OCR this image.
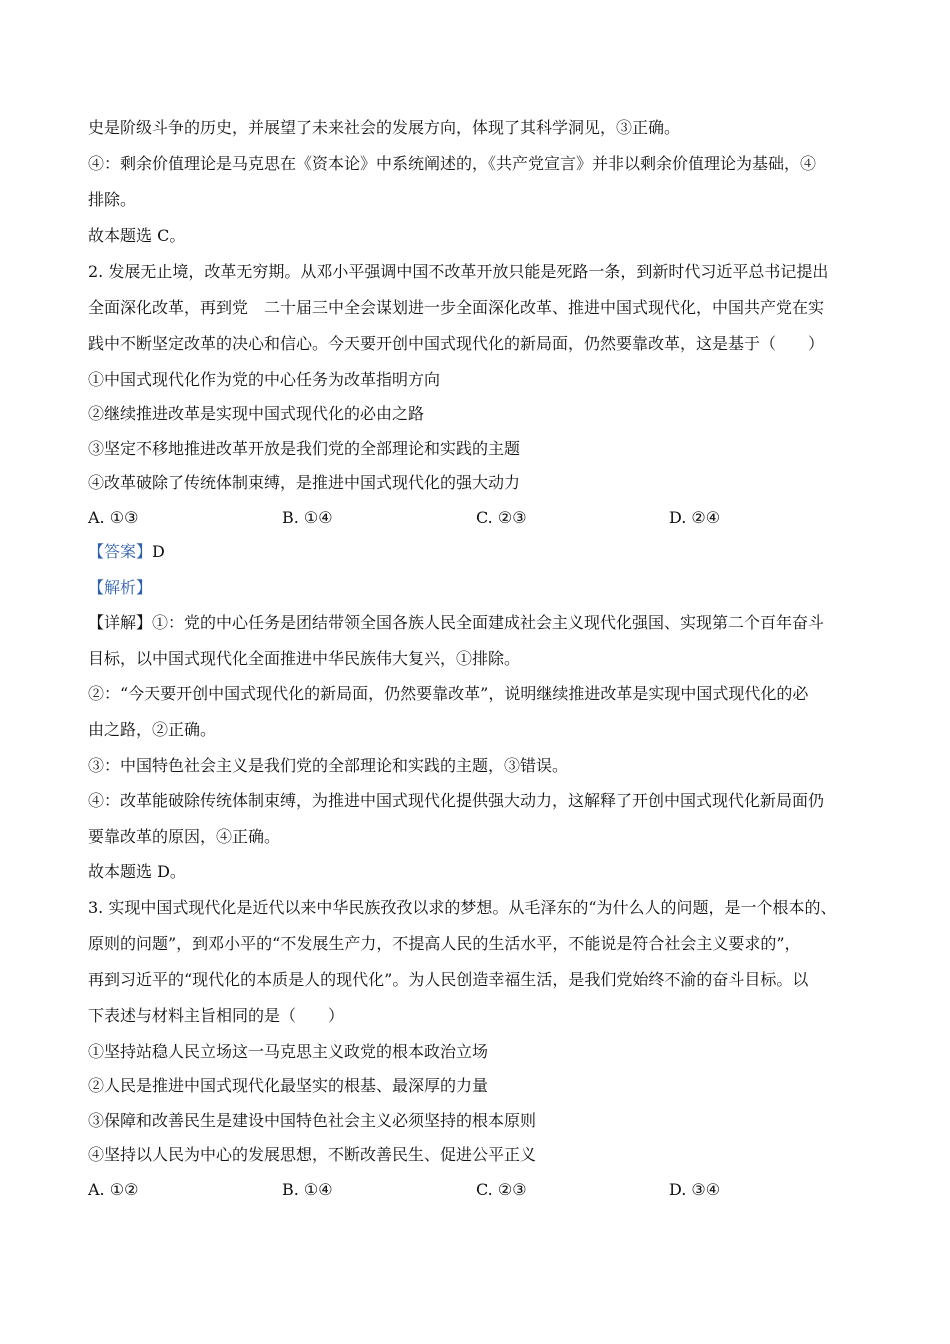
史是阶级斗争的历史，并展望了未来社会的发展方向，体现了其科学洞见，③正确。
④：剩余价值理论是马克思在《资本论》中系统阐述的，《共产党宣言》并非以剩余价值理论为基础，④
排除。
故本题选 C。
2. 发展无止境，改革无穷期。从邓小平强调中国不改革开放只能是死路一条，到新时代习近平总书记提出
全面深化改革，再到党　二十届三中全会谋划进一步全面深化改革、推进中国式现代化，中国共产党在实
践中不断坚定改革的决心和信心。今天要开创中国式现代化的新局面，仍然要靠改革，这是基于（　　）
①中国式现代化作为党的中心任务为改革指明方向
②继续推进改革是实现中国式现代化的必由之路
③坚定不移地推进改革开放是我们党的全部理论和实践的主题
④改革破除了传统体制束缚，是推进中国式现代化的强大动力
A. ①③	B. ①④	C. ②③	D. ②④
【答案】D
【解析】
【详解】①：党的中心任务是团结带领全国各族人民全面建成社会主义现代化强国、实现第二个百年奋斗
目标，以中国式现代化全面推进中华民族伟大复兴，①排除。
②：“今天要开创中国式现代化的新局面，仍然要靠改革”，说明继续推进改革是实现中国式现代化的必
由之路，②正确。
③：中国特色社会主义是我们党的全部理论和实践的主题，③错误。
④：改革能破除传统体制束缚，为推进中国式现代化提供强大动力，这解释了开创中国式现代化新局面仍
要靠改革的原因，④正确。
故本题选 D。
3. 实现中国式现代化是近代以来中华民族孜孜以求的梦想。从毛泽东的“为什么人的问题，是一个根本的、
原则的问题”，到邓小平的“不发展生产力，不提高人民的生活水平，不能说是符合社会主义要求的”，
再到习近平的“现代化的本质是人的现代化”。为人民创造幸福生活，是我们党始终不渝的奋斗目标。以
下表述与材料主旨相同的是（　　）
①坚持站稳人民立场这一马克思主义政党的根本政治立场
②人民是推进中国式现代化最坚实的根基、最深厚的力量
③保障和改善民生是建设中国特色社会主义必须坚持的根本原则
④坚持以人民为中心的发展思想，不断改善民生、促进公平正义
A. ①②	B. ①④	C. ②③	D. ③④
